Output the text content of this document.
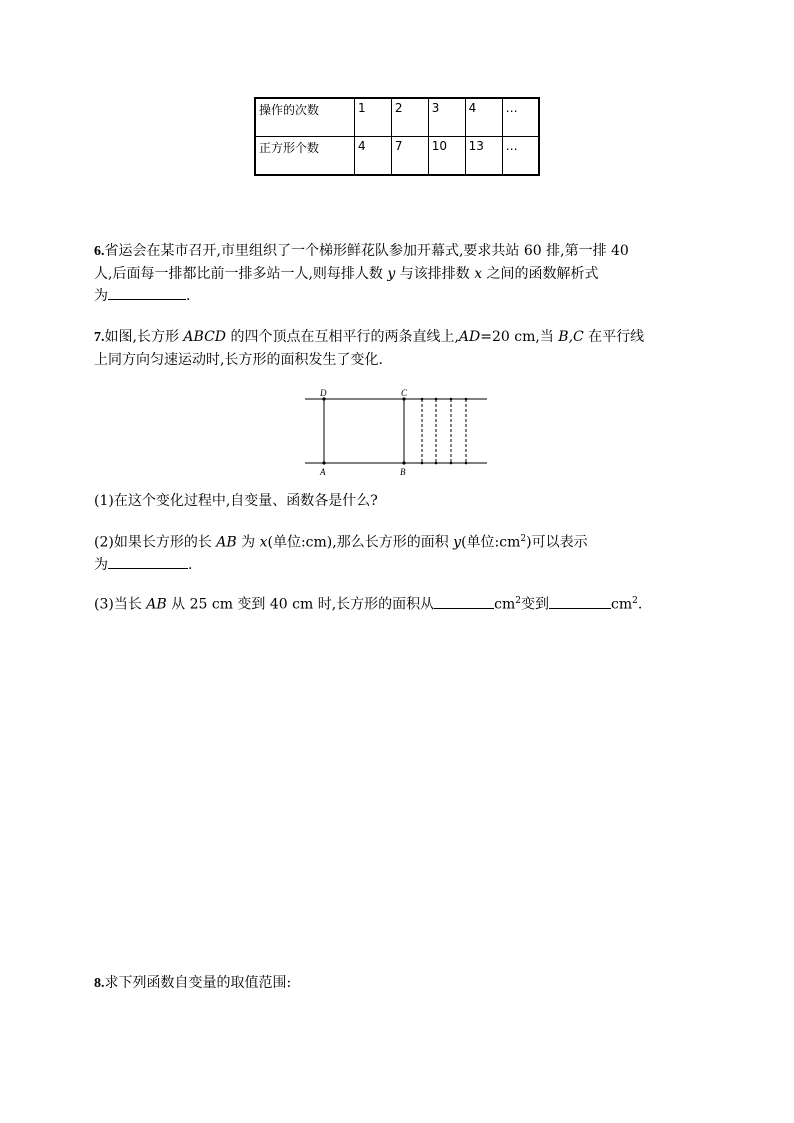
操作的次数	1	2	3	4	…
正方形个数	4	7	10	13	…
6.省运会在某市召开,市里组织了一个梯形鲜花队参加开幕式,要求共站 60 排,第一排 40
人,后面每一排都比前一排多站一人,则每排人数 y 与该排排数 x 之间的函数解析式
为	.
7.如图,长方形 ABCD 的四个顶点在互相平行的两条直线上,AD=20 cm,当 B,C 在平行线
上同方向匀速运动时,长方形的面积发生了变化.
D	C
A	B
(1)在这个变化过程中,自变量、函数各是什么?
(2)如果长方形的长 AB 为 x(单位:cm),那么长方形的面积 y(单位$:cm^2$)可以表示
为	.
(3)当长 AB 从 25 cm 变到 40 cm 时,长方形的面积从	$cm^2$变到	$cm^2$.
8.求下列函数自变量的取值范围:
